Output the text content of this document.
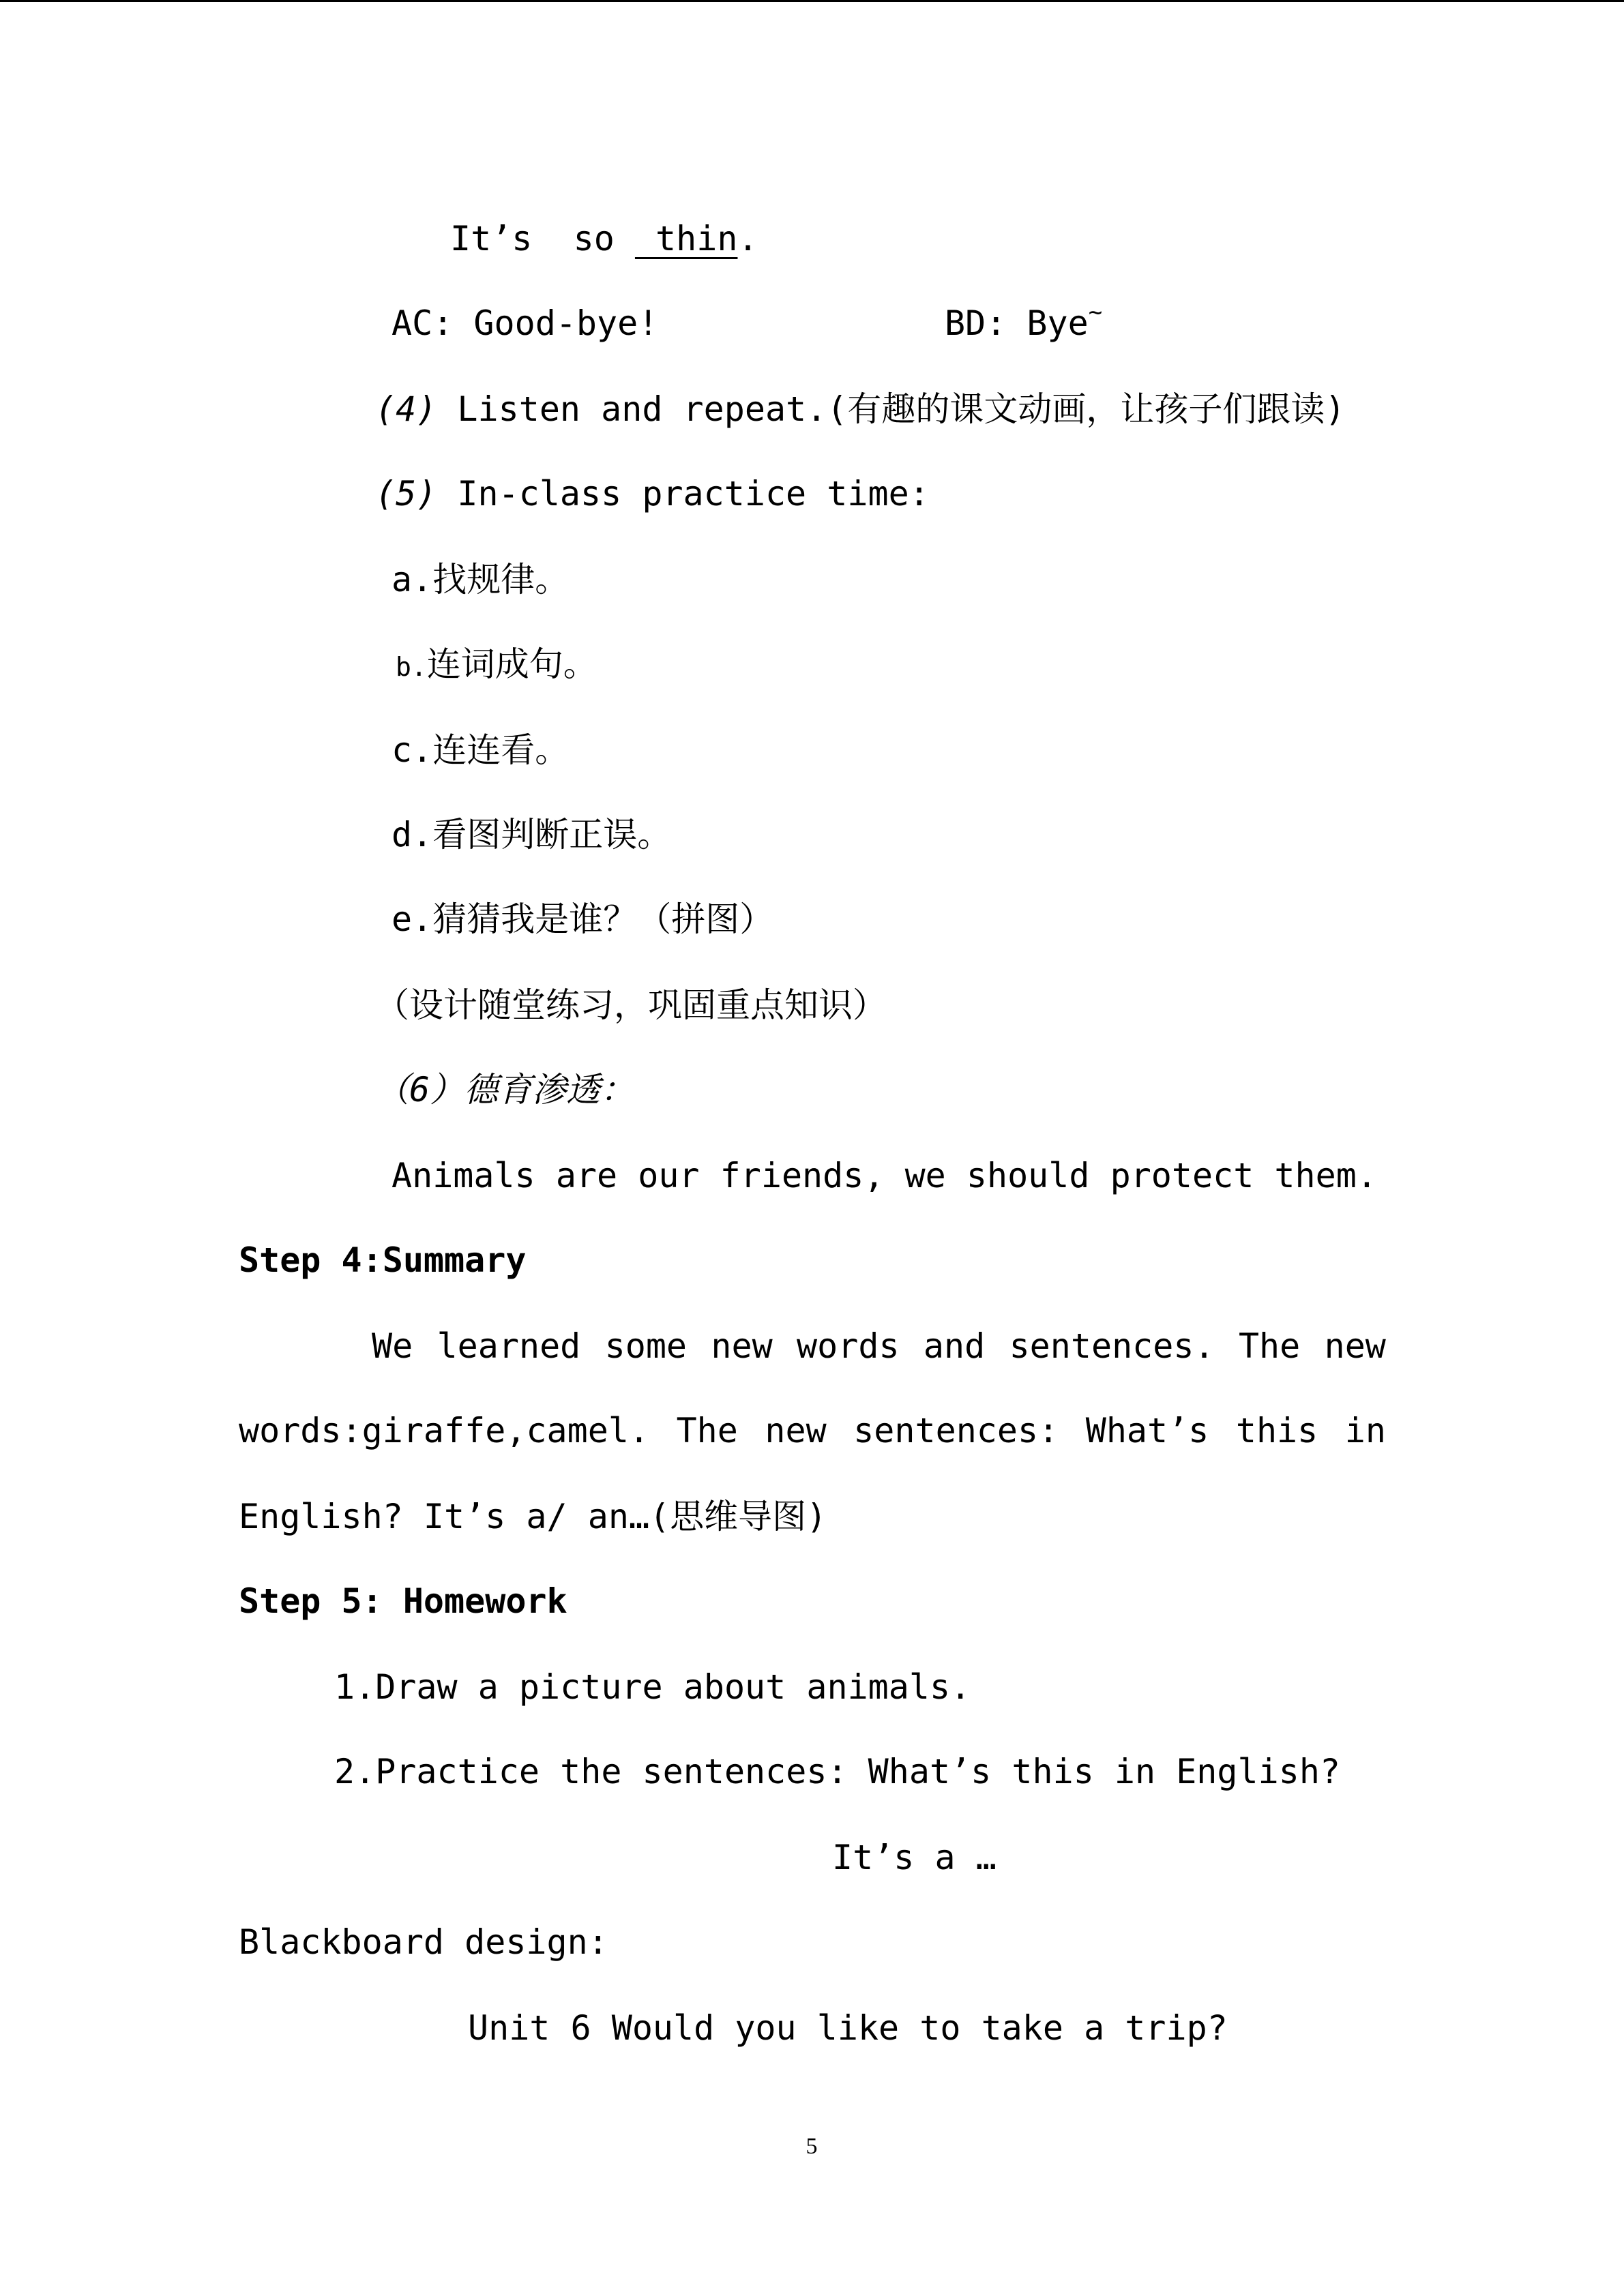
It’s  so  thin.
AC: Good-bye!	BD: Bye~
(4) Listen and repeat.(有趣的课文动画，让孩子们跟读)
(5) In-class practice time:
a.找规律。
b.连词成句。
c.连连看。
d.看图判断正误。
e.猜猜我是谁？（拼图）
（设计随堂练习，巩固重点知识）
（6）德育渗透：
Animals are our friends, we should protect them.
Step 4:Summary
We learned some new words and sentences. The new
words:giraffe,camel. The new sentences: What’s this in
English? It’s a/ an…(思维导图)
Step 5: Homework
1.Draw a picture about animals.
2.Practice the sentences: What’s this in English?
It’s a …
Blackboard design:
Unit 6 Would you like to take a trip?
5
